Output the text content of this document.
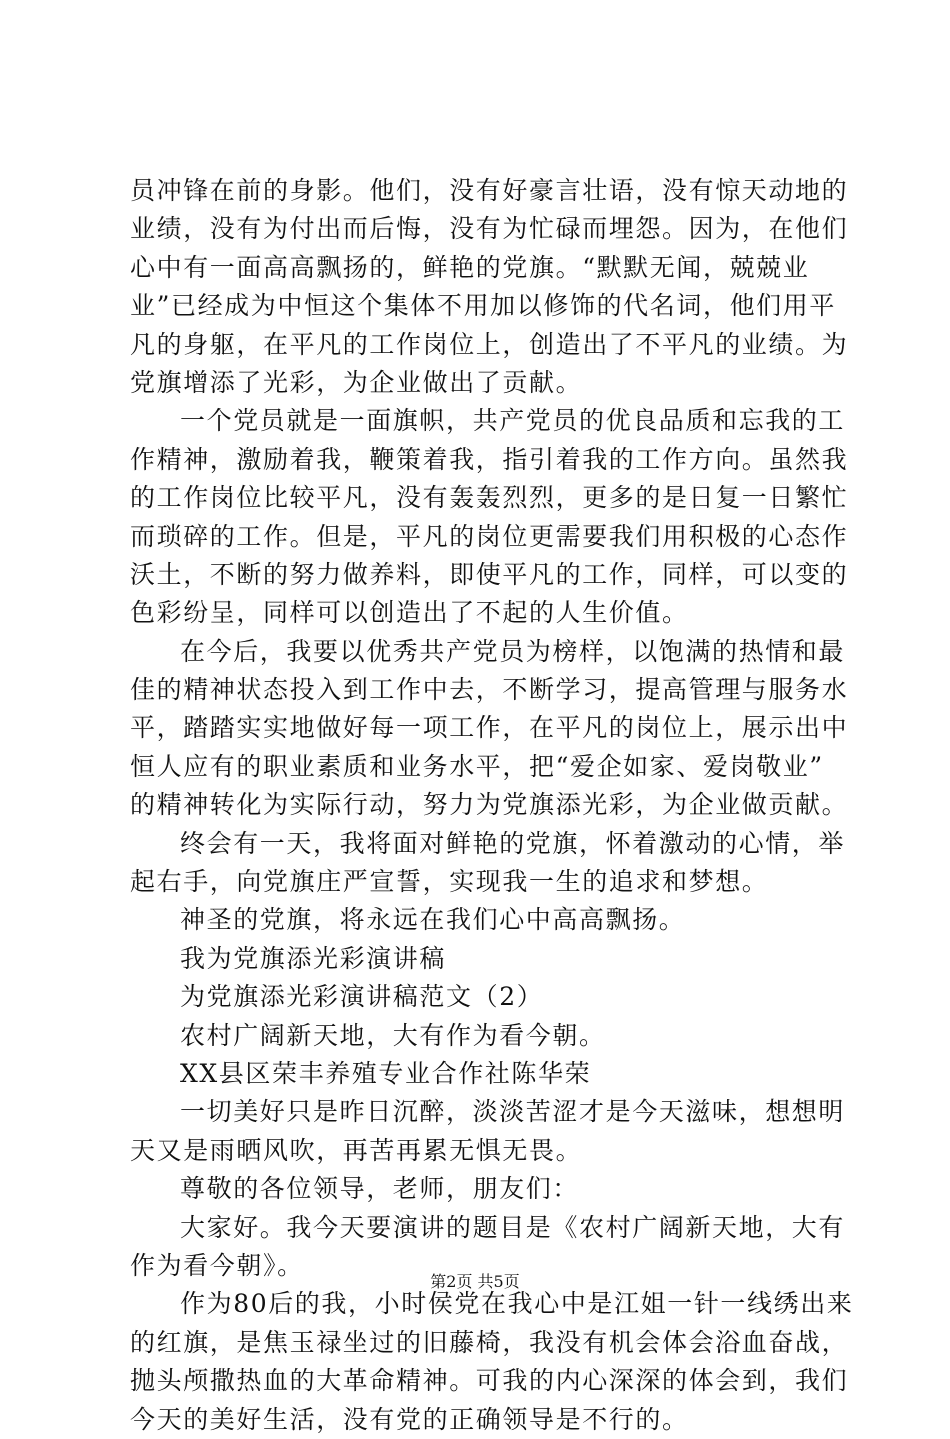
员冲锋在前的身影。他们，没有好豪言壮语，没有惊天动地的
业绩，没有为付出而后悔，没有为忙碌而埋怨。因为，在他们
心中有一面高高飘扬的，鲜艳的党旗。“默默无闻，兢兢业
业”已经成为中恒这个集体不用加以修饰的代名词，他们用平
凡的身躯，在平凡的工作岗位上，创造出了不平凡的业绩。为
党旗增添了光彩，为企业做出了贡献。
一个党员就是一面旗帜，共产党员的优良品质和忘我的工
作精神，激励着我，鞭策着我，指引着我的工作方向。虽然我
的工作岗位比较平凡，没有轰轰烈烈，更多的是日复一日繁忙
而琐碎的工作。但是，平凡的岗位更需要我们用积极的心态作
沃土，不断的努力做养料，即使平凡的工作，同样，可以变的
色彩纷呈，同样可以创造出了不起的人生价值。
在今后，我要以优秀共产党员为榜样，以饱满的热情和最
佳的精神状态投入到工作中去，不断学习，提高管理与服务水
平，踏踏实实地做好每一项工作，在平凡的岗位上，展示出中
恒人应有的职业素质和业务水平，把“爱企如家、爱岗敬业”
的精神转化为实际行动，努力为党旗添光彩，为企业做贡献。
终会有一天，我将面对鲜艳的党旗，怀着激动的心情，举
起右手，向党旗庄严宣誓，实现我一生的追求和梦想。
神圣的党旗，将永远在我们心中高高飘扬。
我为党旗添光彩演讲稿
为党旗添光彩演讲稿范文（2）
农村广阔新天地，大有作为看今朝。
XX县区荣丰养殖专业合作社陈华荣
一切美好只是昨日沉醉，淡淡苦涩才是今天滋味，想想明
天又是雨晒风吹，再苦再累无惧无畏。
尊敬的各位领导，老师，朋友们：
大家好。我今天要演讲的题目是《农村广阔新天地，大有
作为看今朝》。
作为80后的我，小时侯党在我心中是江姐一针一线绣出来
的红旗，是焦玉禄坐过的旧藤椅，我没有机会体会浴血奋战，
抛头颅撒热血的大革命精神。可我的内心深深的体会到，我们
今天的美好生活，没有党的正确领导是不行的。
第2页 共5页
